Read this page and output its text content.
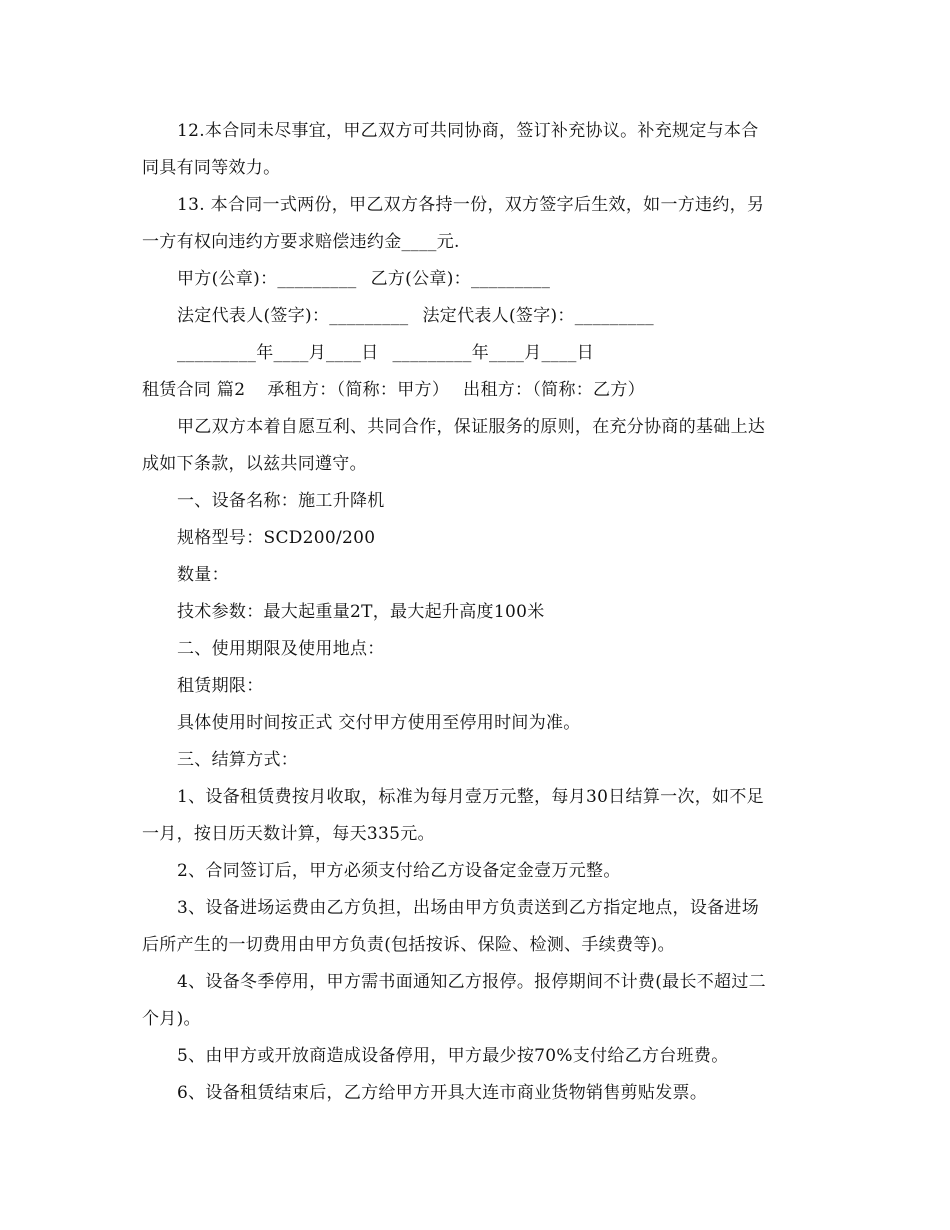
12.本合同未尽事宜，甲乙双方可共同协商，签订补充协议。补充规定与本合
同具有同等效力。
13. 本合同一式两份，甲乙双方各持一份，双方签字后生效，如一方违约，另
一方有权向违约方要求赔偿违约金____元.
甲方(公章)：_________ 乙方(公章)：_________
法定代表人(签字)：_________ 法定代表人(签字)：_________
_________年____月____日 _________年____月____日
租赁合同 篇2 承租方：（简称：甲方） 出租方：（简称：乙方）
甲乙双方本着自愿互利、共同合作，保证服务的原则，在充分协商的基础上达
成如下条款，以兹共同遵守。
一、设备名称：施工升降机
规格型号：SCD200/200
数量：
技术参数：最大起重量2T，最大起升高度100米
二、使用期限及使用地点：
租赁期限：
具体使用时间按正式 交付甲方使用至停用时间为准。
三、结算方式：
1、设备租赁费按月收取，标准为每月壹万元整，每月30日结算一次，如不足
一月，按日历天数计算，每天335元。
2、合同签订后，甲方必须支付给乙方设备定金壹万元整。
3、设备进场运费由乙方负担，出场由甲方负责送到乙方指定地点，设备进场
后所产生的一切费用由甲方负责(包括按诉、保险、检测、手续费等)。
4、设备冬季停用，甲方需书面通知乙方报停。报停期间不计费(最长不超过二
个月)。
5、由甲方或开放商造成设备停用，甲方最少按70%支付给乙方台班费。
6、设备租赁结束后，乙方给甲方开具大连市商业货物销售剪贴发票。
